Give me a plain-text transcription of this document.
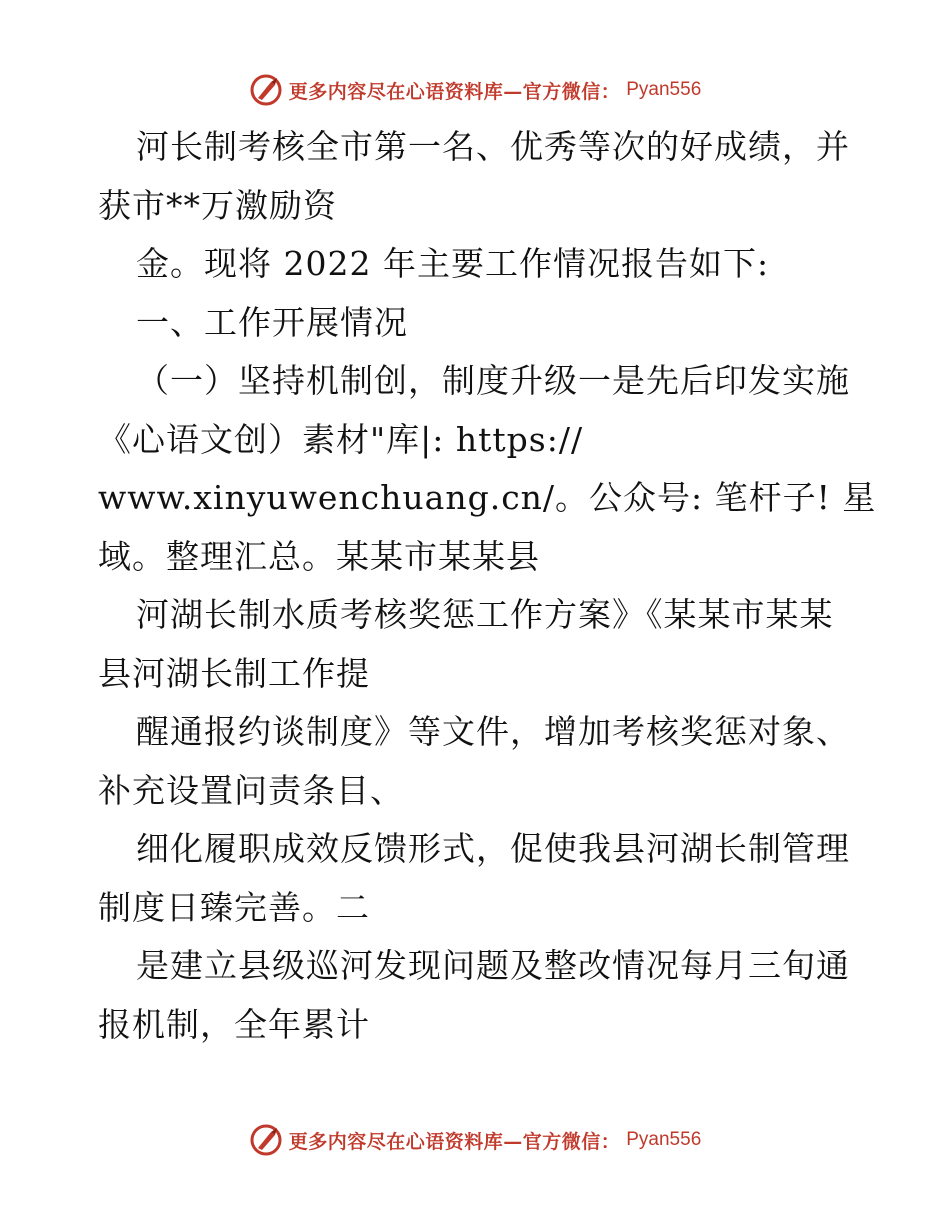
更多内容尽在心语资料库—官方微信： Pyan556
河长制考核全市第一名、优秀等次的好成绩，并
获市**万激励资
金。现将 2022 年主要工作情况报告如下:
一、工作开展情况
（一）坚持机制创，制度升级一是先后印发实施
《心语文创）素材"库|: https://
www.xinyuwenchuang.cn/。公众号: 笔杆子! 星
域。整理汇总。某某市某某县
河湖长制水质考核奖惩工作方案》《某某市某某
县河湖长制工作提
醒通报约谈制度》等文件，增加考核奖惩对象、
补充设置问责条目、
细化履职成效反馈形式，促使我县河湖长制管理
制度日臻完善。二
是建立县级巡河发现问题及整改情况每月三旬通
报机制，全年累计
更多内容尽在心语资料库—官方微信： Pyan556
